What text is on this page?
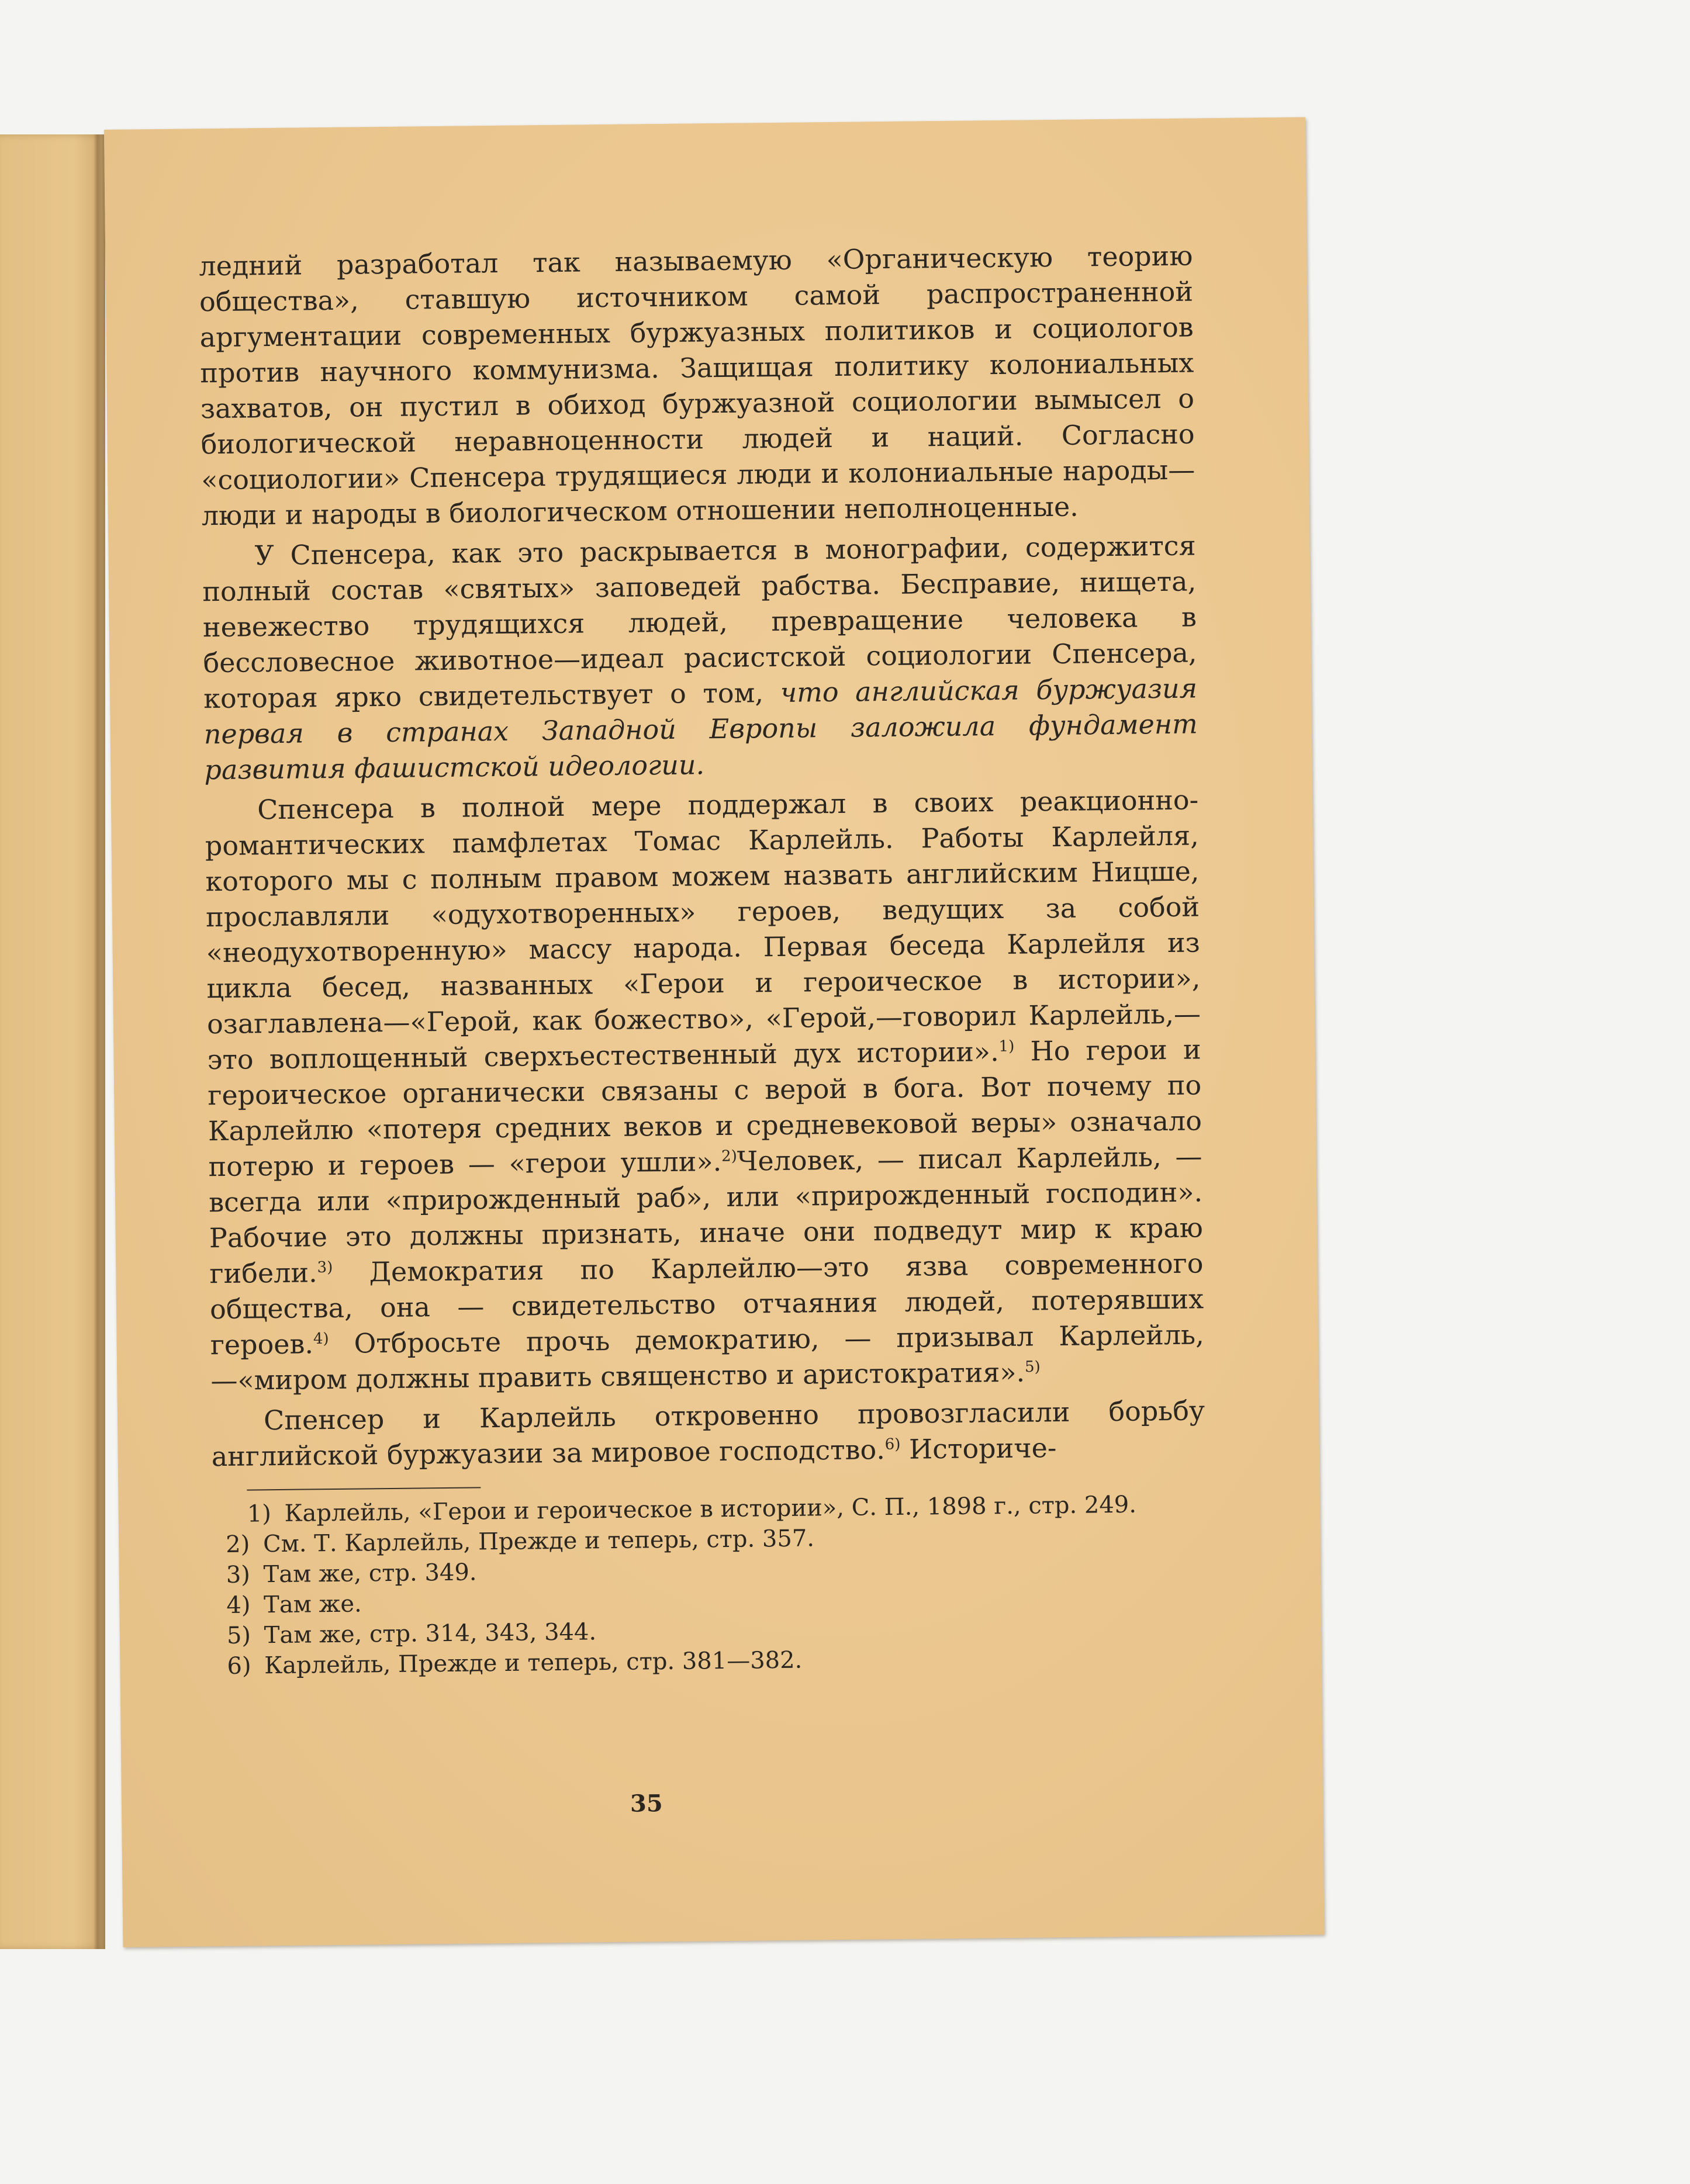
ледний разработал так называемую «Органическую теорию общества», ставшую источником самой распространенной аргументации современных буржуазных политиков и социологов против научного коммунизма. Защищая политику колониальных захватов, он пустил в обиход буржуазной социологии вымысел о биологической неравноценности людей и наций. Согласно «социологии» Спенсера трудящиеся люди и колониальные народы—люди и народы в биологическом отношении неполноценные.

У Спенсера, как это раскрывается в монографии, содержится полный состав «святых» заповедей рабства. Бесправие, нищета, невежество трудящихся людей, превращение человека в бессловесное животное—идеал расистской социологии Спенсера, которая ярко свидетельствует о том, что английская буржуазия первая в странах Западной Европы заложила фундамент развития фашистской идеологии.

Спенсера в полной мере поддержал в своих реакционно-романтических памфлетах Томас Карлейль. Работы Карлейля, которого мы с полным правом можем назвать английским Ницше, прославляли «одухотворенных» героев, ведущих за собой «неодухотворенную» массу народа. Первая беседа Карлейля из цикла бесед, названных «Герои и героическое в истории», озаглавлена—«Герой, как божество», «Герой,—говорил Карлейль,—это воплощенный сверхъестественный дух истории».$^{1)}$ Но герои и героическое органически связаны с верой в бога. Вот почему по Карлейлю «потеря средних веков и средневековой веры» означало потерю и героев — «герои ушли».$^{2)}$Человек, — писал Карлейль, — всегда или «прирожденный раб», или «прирожденный господин». Рабочие это должны признать, иначе они подведут мир к краю гибели.$^{3)}$ Демократия по Карлейлю—это язва современного общества, она — свидетельство отчаяния людей, потерявших героев.$^{4)}$ Отбросьте прочь демократию, — призывал Карлейль,—«миром должны править священство и аристократия».$^{5)}$

Спенсер и Карлейль откровенно провозгласили борьбу английской буржуазии за мировое господство.$^{6)}$ Историче-

1) Карлейль, «Герои и героическое в истории», С. П., 1898 г., стр. 249.

2) См. Т. Карлейль, Прежде и теперь, стр. 357.

3) Там же, стр. 349.

4) Там же.

5) Там же, стр. 314, 343, 344.

6) Карлейль, Прежде и теперь, стр. 381—382.

35
